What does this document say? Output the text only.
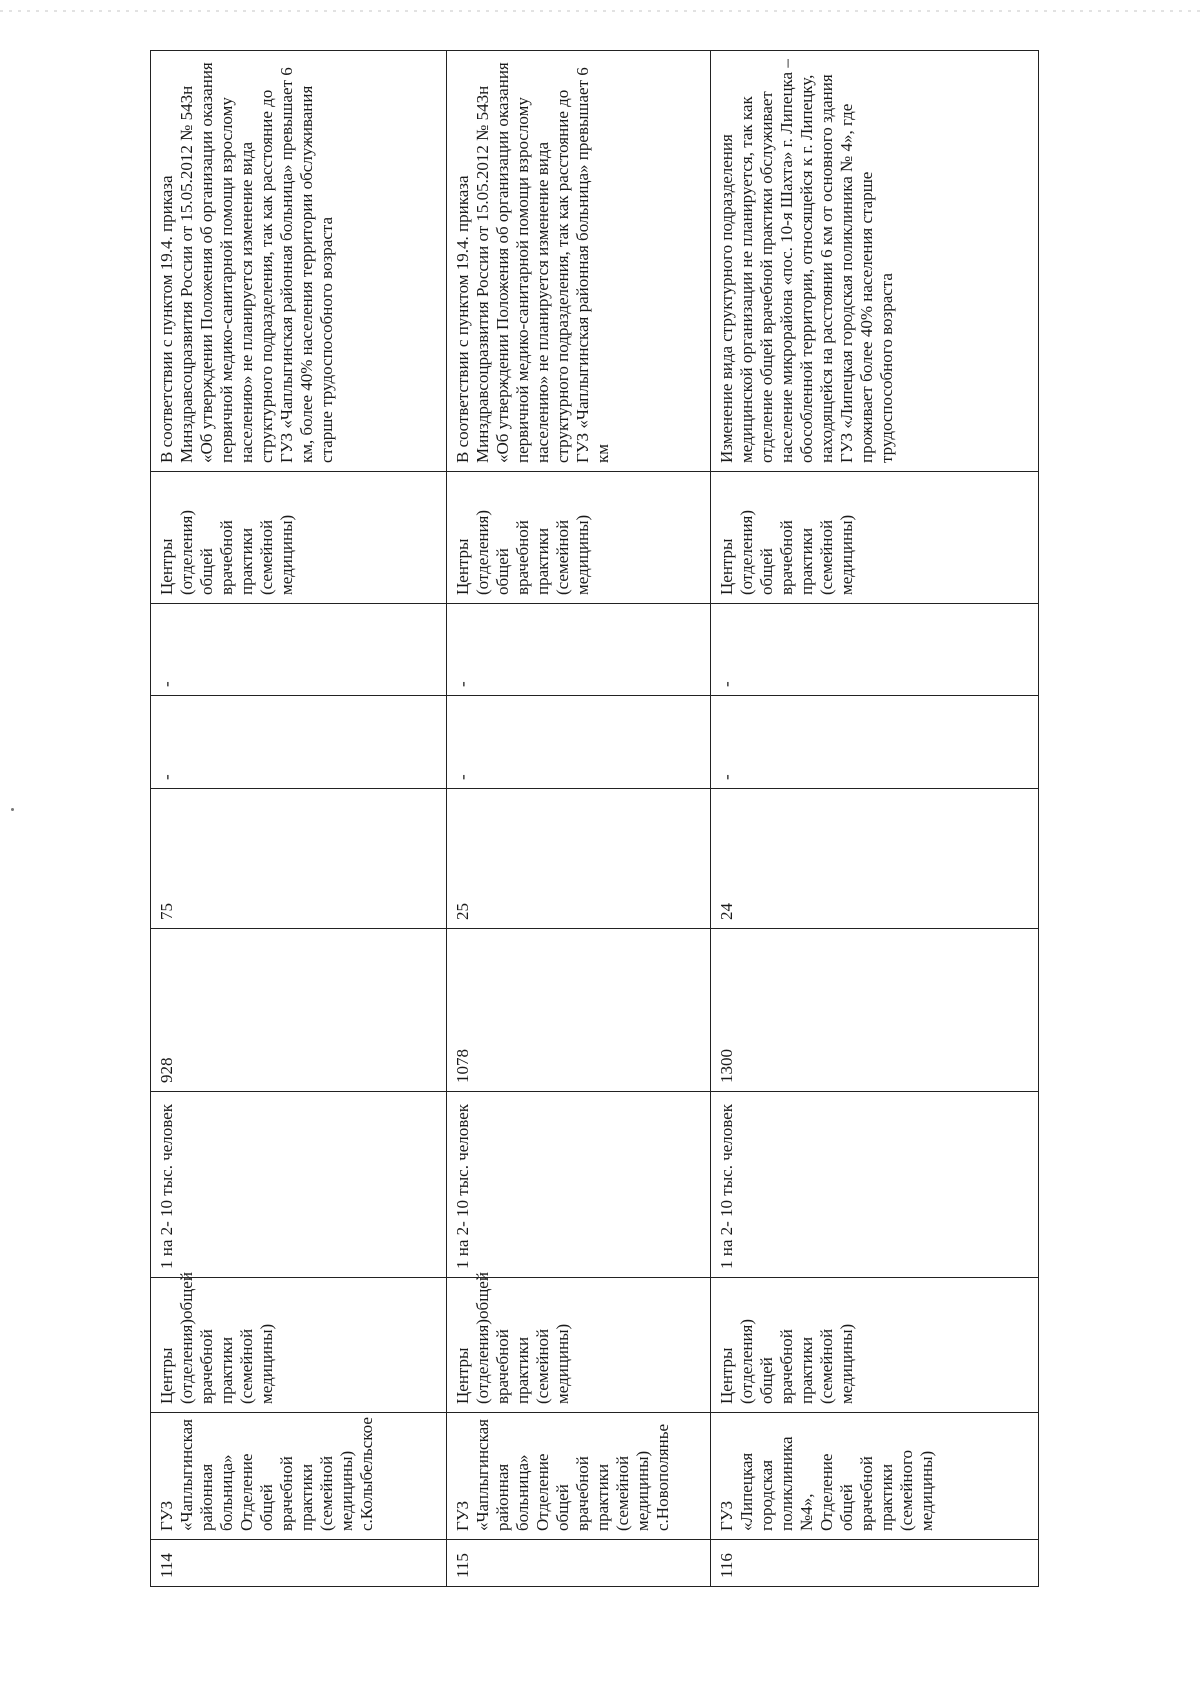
114	ГУЗ «Чаплыгинская районная больница» Отделение общей врачебной практики (семейной медицины) с.Колыбельское	Центры (отделения)общей врачебной практики (семейной медицины)	1 на 2- 10 тыс. человек	928	75	-	-	Центры (отделения) общей врачебной практики (семейной медицины)	В соответствии с пунктом 19.4. приказа Минздравсоцразвития России от 15.05.2012 № 543н «Об утверждении Положения об организации оказания первичной медико-санитарной помощи взрослому населению» не планируется изменение вида структурного подразделения, так как расстояние до ГУЗ «Чаплыгинская районная больница» превышает 6 км, более 40% населения территории обслуживания старше трудоспособного возраста
115	ГУЗ «Чаплыгинская районная больница» Отделение общей врачебной практики (семейной медицины) с.Новополянье	Центры (отделения)общей врачебной практики (семейной медицины)	1 на 2- 10 тыс. человек	1078	25	-	-	Центры (отделения) общей врачебной практики (семейной медицины)	В соответствии с пунктом 19.4. приказа Минздравсоцразвития России от 15.05.2012 № 543н «Об утверждении Положения об организации оказания первичной медико-санитарной помощи взрослому населению» не планируется изменение вида структурного подразделения, так как расстояние до ГУЗ «Чаплыгинская районная больница» превышает 6 км
116	ГУЗ «Липецкая городская поликлиника №4», Отделение общей врачебной практики (семейного медицины)	Центры (отделения) общей врачебной практики (семейной медицины)	1 на 2- 10 тыс. человек	1300	24	-	-	Центры (отделения) общей врачебной практики (семейной медицины)	Изменение вида структурного подразделения медицинской организации не планируется, так как отделение общей врачебной практики обслуживает население микрорайона «пос. 10-я Шахта» г. Липецка – обособленной территории, относящейся к г. Липецку, находящейся на расстоянии 6 км от основного здания ГУЗ «Липецкая городская поликлиника № 4», где проживает более 40% населения старше трудоспособного возраста
